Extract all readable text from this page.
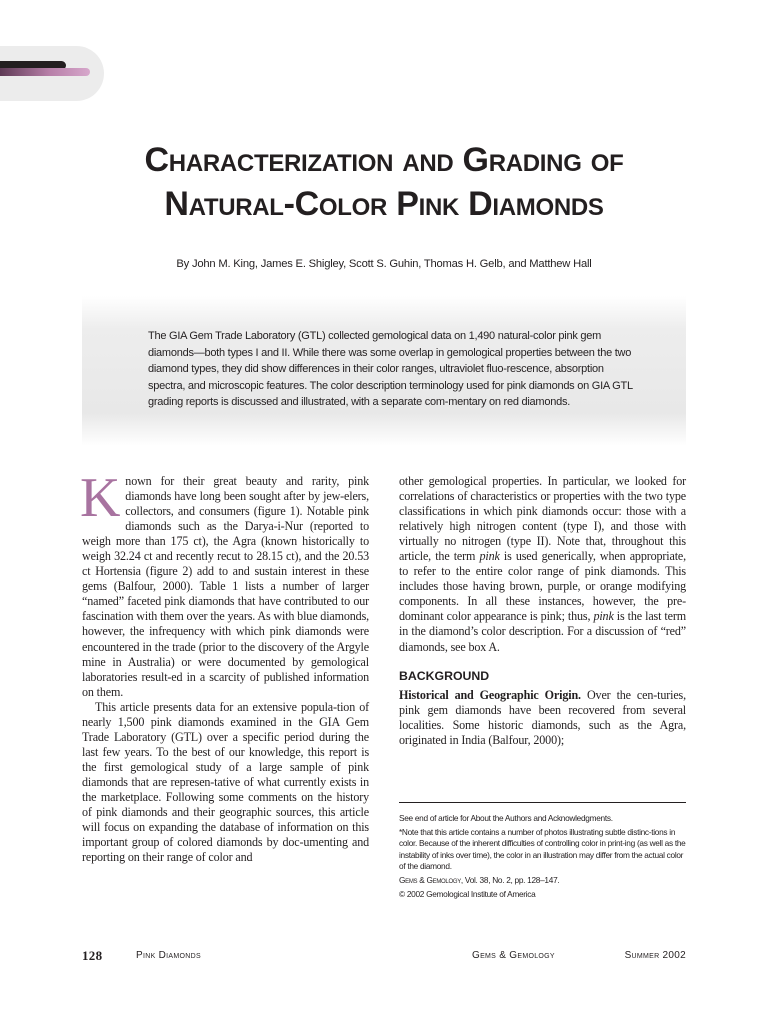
Characterization and Grading of
Natural-Color Pink Diamonds
By John M. King, James E. Shigley, Scott S. Guhin, Thomas H. Gelb, and Matthew Hall

The GIA Gem Trade Laboratory (GTL) collected gemological data on 1,490 natural-color pink gem diamonds—both types I and II. While there was some overlap in gemological properties between the two diamond types, they did show differences in their color ranges, ultraviolet fluo-rescence, absorption spectra, and microscopic features. The color description terminology used for pink diamonds on GIA GTL grading reports is discussed and illustrated, with a separate com-mentary on red diamonds.

Known for their great beauty and rarity, pink diamonds have long been sought after by jew-elers, collectors, and consumers (figure 1). Notable pink diamonds such as the Darya-i-Nur (reported to weigh more than 175 ct), the Agra (known historically to weigh 32.24 ct and recently recut to 28.15 ct), and the 20.53 ct Hortensia (figure 2) add to and sustain interest in these gems (Balfour, 2000). Table 1 lists a number of larger “named” faceted pink diamonds that have contributed to our fascination with them over the years. As with blue diamonds, however, the infrequency with which pink diamonds were encountered in the trade (prior to the discovery of the Argyle mine in Australia) or were documented by gemological laboratories result-ed in a scarcity of published information on them.

This article presents data for an extensive popula-tion of nearly 1,500 pink diamonds examined in the GIA Gem Trade Laboratory (GTL) over a specific period during the last few years. To the best of our knowledge, this report is the first gemological study of a large sample of pink diamonds that are represen-tative of what currently exists in the marketplace. Following some comments on the history of pink diamonds and their geographic sources, this article will focus on expanding the database of information on this important group of colored diamonds by doc-umenting and reporting on their range of color and

other gemological properties. In particular, we looked for correlations of characteristics or properties with the two type classifications in which pink diamonds occur: those with a relatively high nitrogen content (type I), and those with virtually no nitrogen (type II). Note that, throughout this article, the term pink is used generically, when appropriate, to refer to the entire color range of pink diamonds. This includes those having brown, purple, or orange modifying components. In all these instances, however, the pre-dominant color appearance is pink; thus, pink is the last term in the diamond’s color description. For a discussion of “red” diamonds, see box A.

BACKGROUND

Historical and Geographic Origin. Over the cen-turies, pink gem diamonds have been recovered from several localities. Some historic diamonds, such as the Agra, originated in India (Balfour, 2000);

See end of article for About the Authors and Acknowledgments.

*Note that this article contains a number of photos illustrating subtle distinc-tions in color. Because of the inherent difficulties of controlling color in print-ing (as well as the instability of inks over time), the color in an illustration may differ from the actual color of the diamond.

Gems & Gemology, Vol. 38, No. 2, pp. 128–147.

© 2002 Gemological Institute of America

128	Pink Diamonds	Gems & Gemology	Summer 2002
